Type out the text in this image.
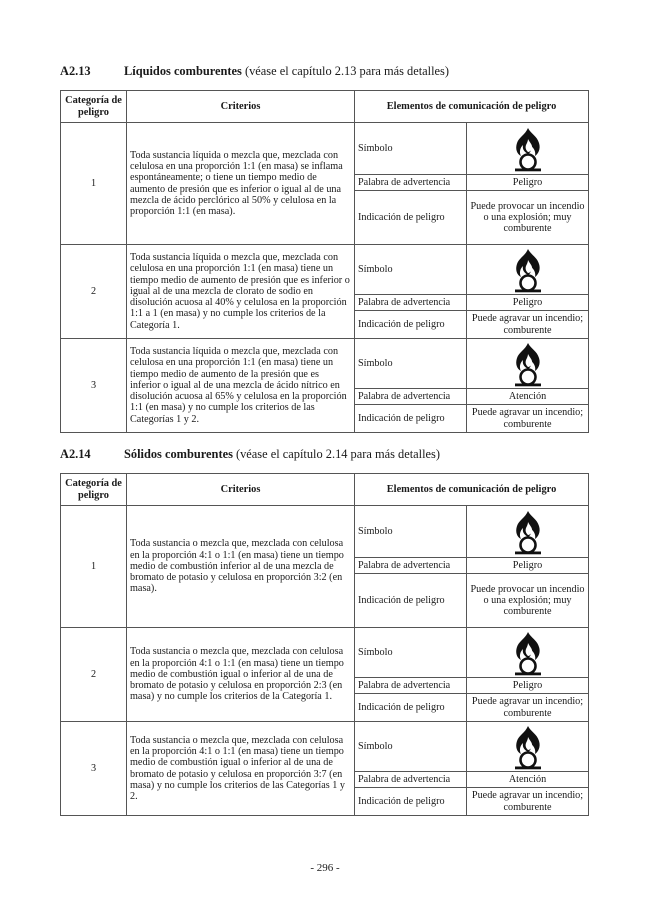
A2.13	Líquidos comburentes (véase el capítulo 2.13 para más detalles)
Categoría de peligro	Criterios	Elementos de comunicación de peligro	
1	Toda sustancia líquida o mezcla que, mezclada con celulosa en una proporción 1:1 (en masa) se inflama espontáneamente; o tiene un tiempo medio de aumento de presión que es inferior o igual al de una mezcla de ácido perclórico al 50% y celulosa en la proporción 1:1 (en masa).	Símbolo	

		Palabra de advertencia	Peligro
		Indicación de peligro	Puede provocar un incendio o una explosión; muy comburente
2	Toda sustancia líquida o mezcla que, mezclada con celulosa en una proporción 1:1 (en masa) tiene un tiempo medio de aumento de presión que es inferior o igual al de una mezcla de clorato de sodio en disolución acuosa al 40% y celulosa en la proporción 1:1 a 1 (en masa) y no cumple los criterios de la Categoría 1.	Símbolo	

		Palabra de advertencia	Peligro
		Indicación de peligro	Puede agravar un incendio; comburente
3	Toda sustancia líquida o mezcla que, mezclada con celulosa en una proporción 1:1 (en masa) tiene un tiempo medio de aumento de la presión que es inferior o igual al de una mezcla de ácido nítrico en disolución acuosa al 65% y celulosa en la proporción 1:1 (en masa) y no cumple los criterios de las Categorías 1 y 2.	Símbolo	

		Palabra de advertencia	Atención
		Indicación de peligro	Puede agravar un incendio; comburente
A2.14	Sólidos comburentes (véase el capítulo 2.14 para más detalles)
Categoría de peligro	Criterios	Elementos de comunicación de peligro	
1	Toda sustancia o mezcla que, mezclada con celulosa en la proporción 4:1 o 1:1 (en masa) tiene un tiempo medio de combustión inferior al de una mezcla de bromato de potasio y celulosa en proporción 3:2 (en masa).	Símbolo	

		Palabra de advertencia	Peligro
		Indicación de peligro	Puede provocar un incendio o una explosión; muy comburente
2	Toda sustancia o mezcla que, mezclada con celulosa en la proporción 4:1 o 1:1 (en masa) tiene un tiempo medio de combustión igual o inferior al de una de bromato de potasio y celulosa en proporción 2:3 (en masa) y no cumple los criterios de la Categoría 1.	Símbolo	

		Palabra de advertencia	Peligro
		Indicación de peligro	Puede agravar un incendio; comburente
3	Toda sustancia o mezcla que, mezclada con celulosa en la proporción 4:1 o 1:1 (en masa) tiene un tiempo medio de combustión igual o inferior al de una de bromato de potasio y celulosa en proporción 3:7 (en masa) y no cumple los criterios de las Categorías 1 y 2.	Símbolo	

		Palabra de advertencia	Atención
		Indicación de peligro	Puede agravar un incendio; comburente
- 296 -
